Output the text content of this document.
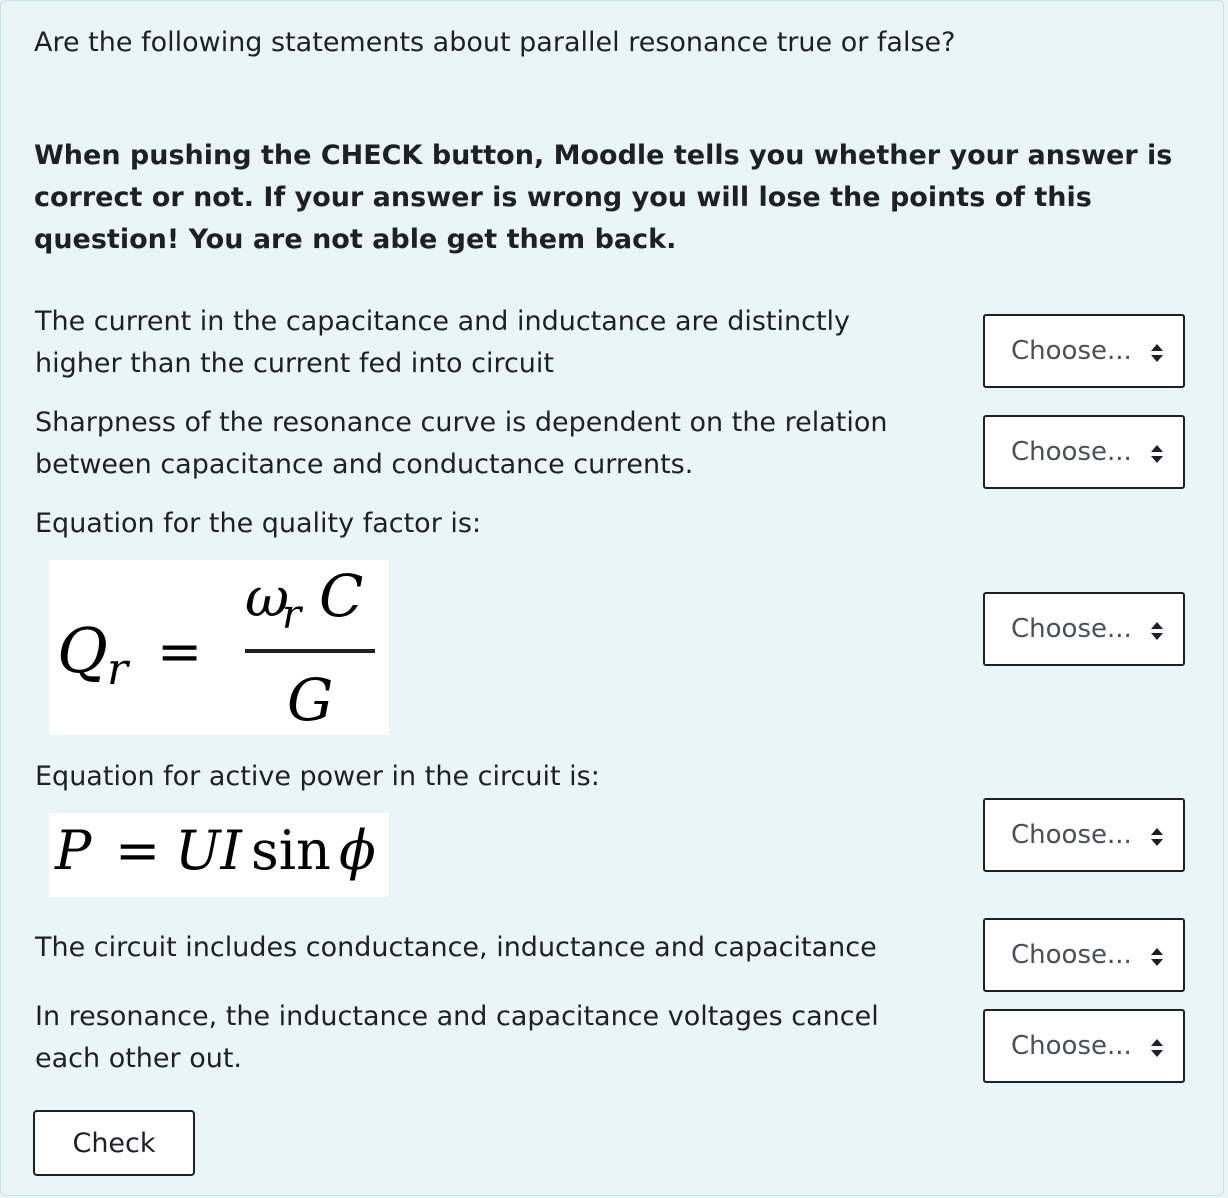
Are the following statements about parallel resonance true or false?
When pushing the CHECK button, Moodle tells you whether your answer is correct or not. If your answer is wrong you will lose the points of this question! You are not able get them back.
The current in the capacitance and inductance are distinctly higher than the current fed into circuit	Choose...
Sharpness of the resonance curve is dependent on the relation between capacitance and conductance currents.	Choose...
Equation for the quality factor is:
Q r =
ω
r C
G
Choose...
Equation for active power in the circuit is:
P = UI sin ϕ	Choose...
The circuit includes conductance, inductance and capacitance	Choose...
In resonance, the inductance and capacitance voltages cancel each other out.	Choose...
Check
